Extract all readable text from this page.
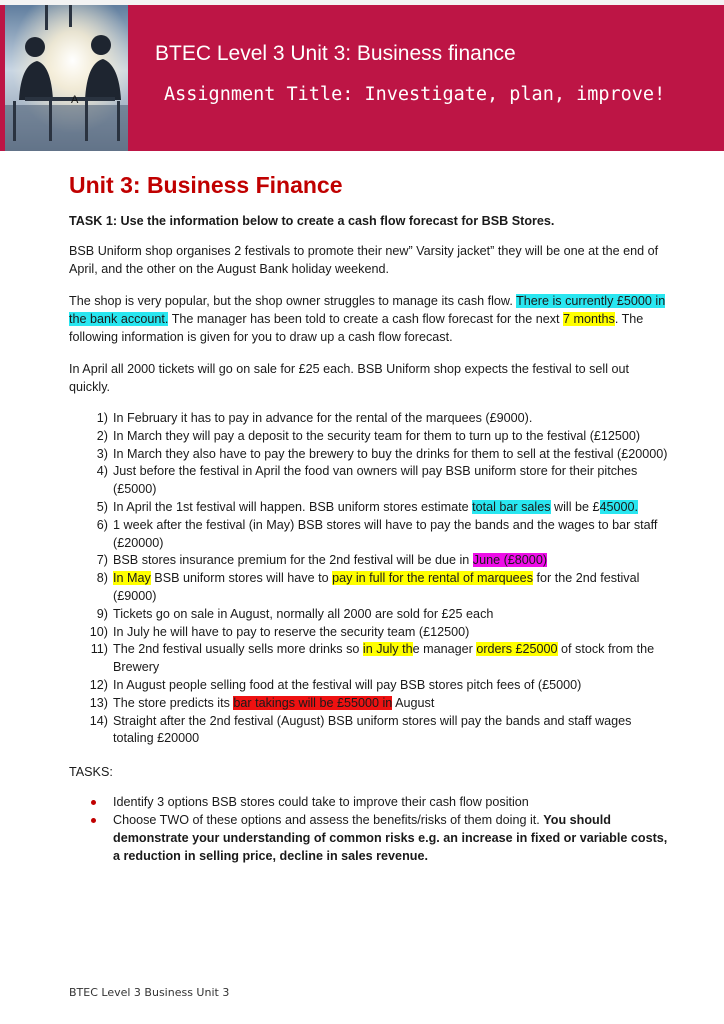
A
BTEC Level 3 Unit 3: Business finance
Assignment Title: Investigate, plan, improve!
Unit 3: Business Finance
TASK 1: Use the information below to create a cash flow forecast for BSB Stores.

BSB Uniform shop organises 2 festivals to promote their new” Varsity jacket” they will be one at the end of April, and the other on the August Bank holiday weekend.

The shop is very popular, but the shop owner struggles to manage its cash flow. There is currently £5000 in the bank account. The manager has been told to create a cash flow forecast for the next 7 months. The following information is given for you to draw up a cash flow forecast.

In April all 2000 tickets will go on sale for £25 each. BSB Uniform shop expects the festival to sell out quickly.

1) In February it has to pay in advance for the rental of the marquees (£9000).
2) In March they will pay a deposit to the security team for them to turn up to the festival (£12500)
3) In March they also have to pay the brewery to buy the drinks for them to sell at the festival (£20000)
4) Just before the festival in April the food van owners will pay BSB uniform store for their pitches (£5000)
5) In April the 1st festival will happen. BSB uniform stores estimate total bar sales will be £45000.
6) 1 week after the festival (in May) BSB stores will have to pay the bands and the wages to bar staff (£20000)
7) BSB stores insurance premium for the 2nd festival will be due in June (£8000)
8) In May BSB uniform stores will have to pay in full for the rental of marquees for the 2nd festival (£9000)
9) Tickets go on sale in August, normally all 2000 are sold for £25 each
10) In July he will have to pay to reserve the security team (£12500)
11) The 2nd festival usually sells more drinks so in July the manager orders £25000 of stock from the Brewery
12) In August people selling food at the festival will pay BSB stores pitch fees of (£5000)
13) The store predicts its bar takings will be £55000 in August
14) Straight after the 2nd festival (August) BSB uniform stores will pay the bands and staff wages totaling £20000
TASKS:
Identify 3 options BSB stores could take to improve their cash flow position
Choose TWO of these options and assess the benefits/risks of them doing it. You should demonstrate your understanding of common risks e.g. an increase in fixed or variable costs, a reduction in selling price, decline in sales revenue.
BTEC Level 3 Business Unit 3
